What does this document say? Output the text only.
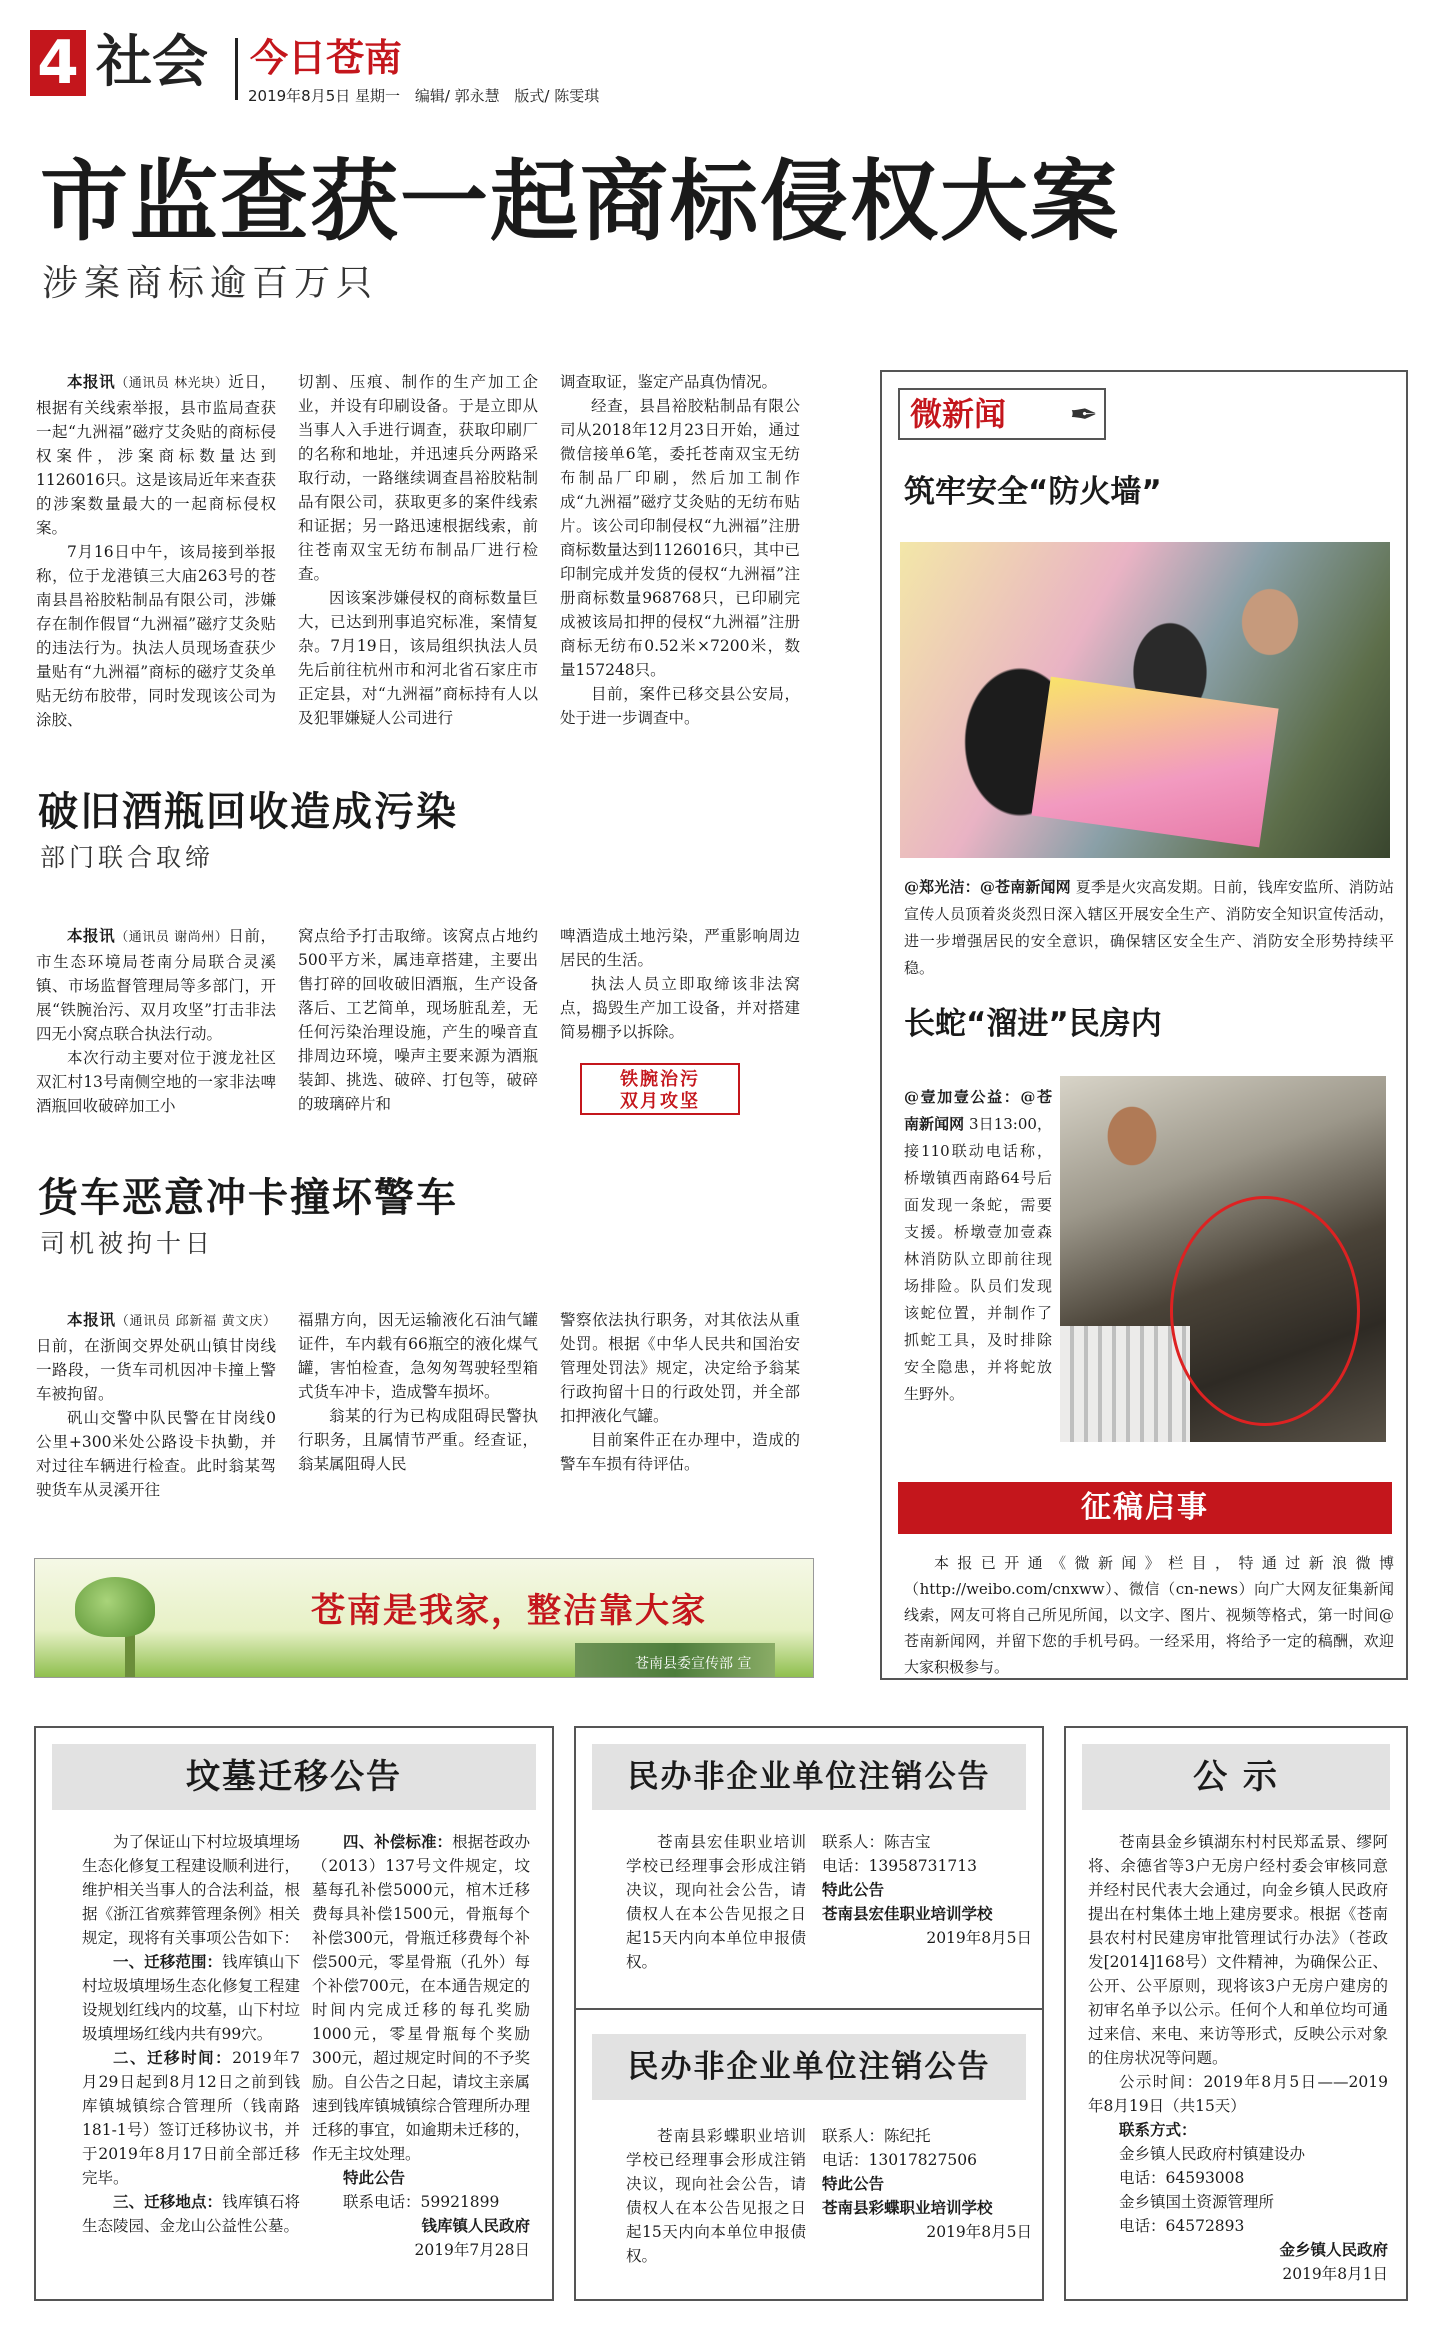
4 社会 今日苍南
2019年8月5日 星期一 编辑/ 郭永慧 版式/ 陈雯琪
市监查获一起商标侵权大案
涉案商标逾百万只

本报讯（通讯员 林光块）近日，根据有关线索举报，县市监局查获一起“九洲福”磁疗艾灸贴的商标侵权案件，涉案商标数量达到1126016只。这是该局近年来查获的涉案数量最大的一起商标侵权案。

7月16日中午，该局接到举报称，位于龙港镇三大庙263号的苍南县昌裕胶粘制品有限公司，涉嫌存在制作假冒“九洲福”磁疗艾灸贴的违法行为。执法人员现场查获少量贴有“九洲福”商标的磁疗艾灸单贴无纺布胶带，同时发现该公司为涂胶、

切割、压痕、制作的生产加工企业，并设有印刷设备。于是立即从当事人入手进行调查，获取印刷厂的名称和地址，并迅速兵分两路采取行动，一路继续调查昌裕胶粘制品有限公司，获取更多的案件线索和证据；另一路迅速根据线索，前往苍南双宝无纺布制品厂进行检查。

因该案涉嫌侵权的商标数量巨大，已达到刑事追究标准，案情复杂。7月19日，该局组织执法人员先后前往杭州市和河北省石家庄市正定县，对“九洲福”商标持有人以及犯罪嫌疑人公司进行

调查取证，鉴定产品真伪情况。

经查，县昌裕胶粘制品有限公司从2018年12月23日开始，通过微信接单6笔，委托苍南双宝无纺布制品厂印刷，然后加工制作成“九洲福”磁疗艾灸贴的无纺布贴片。该公司印制侵权“九洲福”注册商标数量达到1126016只，其中已印制完成并发货的侵权“九洲福”注册商标数量968768只，已印刷完成被该局扣押的侵权“九洲福”注册商标无纺布0.52米×7200米，数量157248只。

目前，案件已移交县公安局，处于进一步调查中。

破旧酒瓶回收造成污染
部门联合取缔

本报讯（通讯员 谢尚州）日前，市生态环境局苍南分局联合灵溪镇、市场监督管理局等多部门，开展“铁腕治污、双月攻坚”打击非法四无小窝点联合执法行动。

本次行动主要对位于渡龙社区双汇村13号南侧空地的一家非法啤酒瓶回收破碎加工小

窝点给予打击取缔。该窝点占地约500平方米，属违章搭建，主要出售打碎的回收破旧酒瓶，生产设备落后、工艺简单，现场脏乱差，无任何污染治理设施，产生的噪音直排周边环境，噪声主要来源为酒瓶装卸、挑选、破碎、打包等，破碎的玻璃碎片和

啤酒造成土地污染，严重影响周边居民的生活。

执法人员立即取缔该非法窝点，捣毁生产加工设备，并对搭建简易棚予以拆除。

铁腕治污
双月攻坚
货车恶意冲卡撞坏警车
司机被拘十日

本报讯（通讯员 邱新福 黄文庆）日前，在浙闽交界处矾山镇甘岗线一路段，一货车司机因冲卡撞上警车被拘留。

矾山交警中队民警在甘岗线0公里+300米处公路设卡执勤，并对过往车辆进行检查。此时翁某驾驶货车从灵溪开往

福鼎方向，因无运输液化石油气罐证件，车内载有66瓶空的液化煤气罐，害怕检查，急匆匆驾驶轻型箱式货车冲卡，造成警车损坏。

翁某的行为已构成阻碍民警执行职务，且属情节严重。经查证，翁某属阻碍人民

警察依法执行职务，对其依法从重处罚。根据《中华人民共和国治安管理处罚法》规定，决定给予翁某行政拘留十日的行政处罚，并全部扣押液化气罐。

目前案件正在办理中，造成的警车车损有待评估。

苍南是我家，整洁靠大家
苍南县委宣传部 宣
微新闻 ✒
筑牢安全“防火墙”
@郑光洁：@苍南新闻网 夏季是火灾高发期。日前，钱库安监所、消防站宣传人员顶着炎炎烈日深入辖区开展安全生产、消防安全知识宣传活动，进一步增强居民的安全意识，确保辖区安全生产、消防安全形势持续平稳。
长蛇“溜进”民房内
@壹加壹公益：@苍南新闻网 3日13:00，接110联动电话称，桥墩镇西南路64号后面发现一条蛇，需要支援。桥墩壹加壹森林消防队立即前往现场排险。队员们发现该蛇位置，并制作了抓蛇工具，及时排除安全隐患，并将蛇放生野外。
征稿启事
本报已开通《微新闻》栏目，特通过新浪微博（http://weibo.com/cnxww）、微信（cn-news）向广大网友征集新闻线索，网友可将自己所见所闻，以文字、图片、视频等格式，第一时间@苍南新闻网，并留下您的手机号码。一经采用，将给予一定的稿酬，欢迎大家积极参与。
坟墓迁移公告

为了保证山下村垃圾填埋场生态化修复工程建设顺利进行，维护相关当事人的合法利益，根据《浙江省殡葬管理条例》相关规定，现将有关事项公告如下：

一、迁移范围：钱库镇山下村垃圾填埋场生态化修复工程建设规划红线内的坟墓，山下村垃圾填埋场红线内共有99穴。

二、迁移时间：2019年7月29日起到8月12日之前到钱库镇城镇综合管理所（钱南路181-1号）签订迁移协议书，并于2019年8月17日前全部迁移完毕。

三、迁移地点：钱库镇石将生态陵园、金龙山公益性公墓。

四、补偿标准：根据苍政办（2013）137号文件规定，坟墓每孔补偿5000元，棺木迁移费每具补偿1500元，骨瓶每个补偿300元，骨瓶迁移费每个补偿500元，零星骨瓶（孔外）每个补偿700元，在本通告规定的时间内完成迁移的每孔奖励1000元，零星骨瓶每个奖励300元，超过规定时间的不予奖励。自公告之日起，请坟主亲属速到钱库镇城镇综合管理所办理迁移的事宜，如逾期未迁移的，作无主坟处理。

特此公告

联系电话：59921899

钱库镇人民政府

2019年7月28日

民办非企业单位注销公告

苍南县宏佳职业培训学校已经理事会形成注销决议，现向社会公告，请债权人在本公告见报之日起15天内向本单位申报债权。

联系人：陈吉宝

电话：13958731713

特此公告

苍南县宏佳职业培训学校

2019年8月5日

民办非企业单位注销公告

苍南县彩蝶职业培训学校已经理事会形成注销决议，现向社会公告，请债权人在本公告见报之日起15天内向本单位申报债权。

联系人：陈纪托

电话：13017827506

特此公告

苍南县彩蝶职业培训学校

2019年8月5日

公 示

苍南县金乡镇湖东村村民郑孟景、缪阿将、余德省等3户无房户经村委会审核同意并经村民代表大会通过，向金乡镇人民政府提出在村集体土地上建房要求。根据《苍南县农村村民建房审批管理试行办法》（苍政发[2014]168号）文件精神，为确保公正、公开、公平原则，现将该3户无房户建房的初审名单予以公示。任何个人和单位均可通过来信、来电、来访等形式，反映公示对象的住房状况等问题。

公示时间：2019年8月5日——2019年8月19日（共15天）

联系方式：

金乡镇人民政府村镇建设办

电话：64593008

金乡镇国土资源管理所

电话：64572893

金乡镇人民政府

2019年8月1日
